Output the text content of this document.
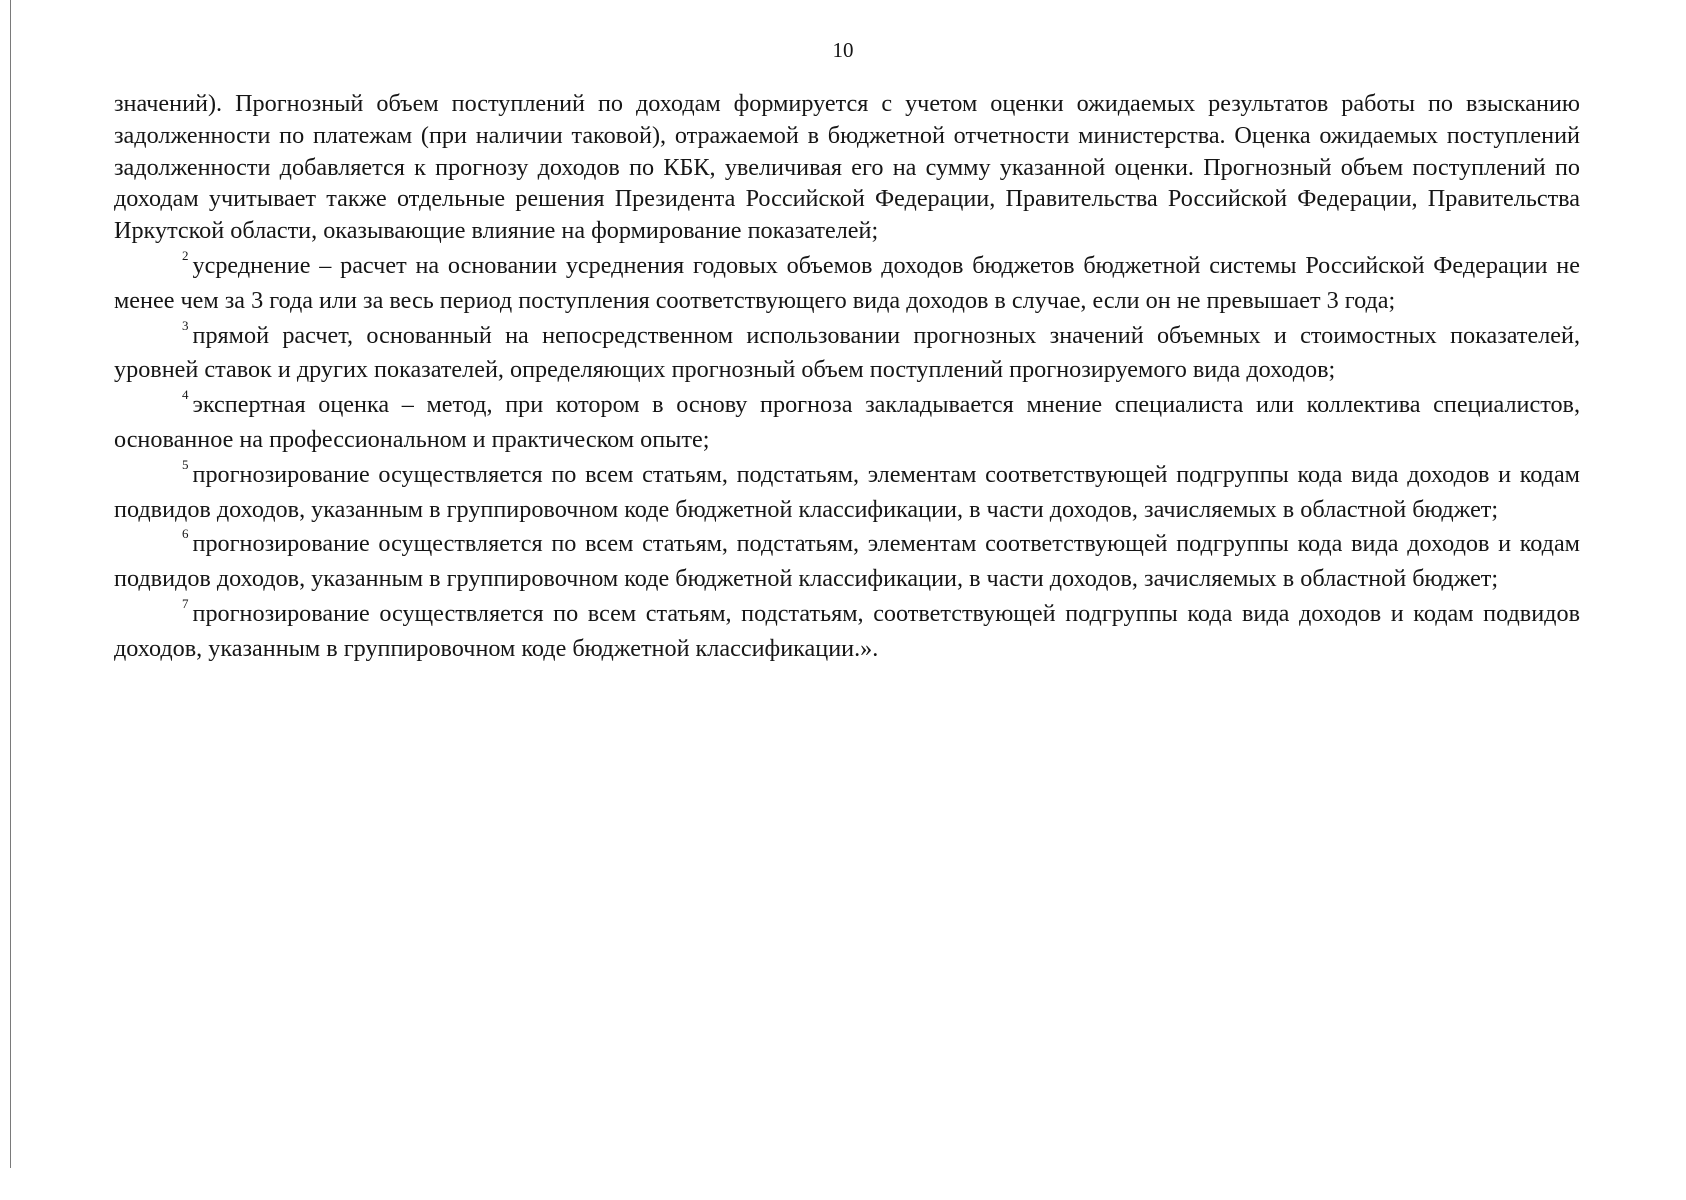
10

значений). Прогнозный объем поступлений по доходам формируется с учетом оценки ожидаемых результатов работы по взысканию задолженности по платежам (при наличии таковой), отражаемой в бюджетной отчетности министерства. Оценка ожидаемых поступлений задолженности добавляется к прогнозу доходов по КБК, увеличивая его на сумму указанной оценки. Прогнозный объем поступлений по доходам учитывает также отдельные решения Президента Российской Федерации, Правительства Российской Федерации, Правительства Иркутской области, оказывающие влияние на формирование показателей;

$^2$ усреднение – расчет на основании усреднения годовых объемов доходов бюджетов бюджетной системы Российской Федерации не менее чем за 3 года или за весь период поступления соответствующего вида доходов в случае, если он не превышает 3 года;

$^3$ прямой расчет, основанный на непосредственном использовании прогнозных значений объемных и стоимостных показателей, уровней ставок и других показателей, определяющих прогнозный объем поступлений прогнозируемого вида доходов;

$^4$ экспертная оценка – метод, при котором в основу прогноза закладывается мнение специалиста или коллектива специалистов, основанное на профессиональном и практическом опыте;

$^5$ прогнозирование осуществляется по всем статьям, подстатьям, элементам соответствующей подгруппы кода вида доходов и кодам подвидов доходов, указанным в группировочном коде бюджетной классификации, в части доходов, зачисляемых в областной бюджет;

$^6$ прогнозирование осуществляется по всем статьям, подстатьям, элементам соответствующей подгруппы кода вида доходов и кодам подвидов доходов, указанным в группировочном коде бюджетной классификации, в части доходов, зачисляемых в областной бюджет;

$^7$ прогнозирование осуществляется по всем статьям, подстатьям, соответствующей подгруппы кода вида доходов и кодам подвидов доходов, указанным в группировочном коде бюджетной классификации.».
